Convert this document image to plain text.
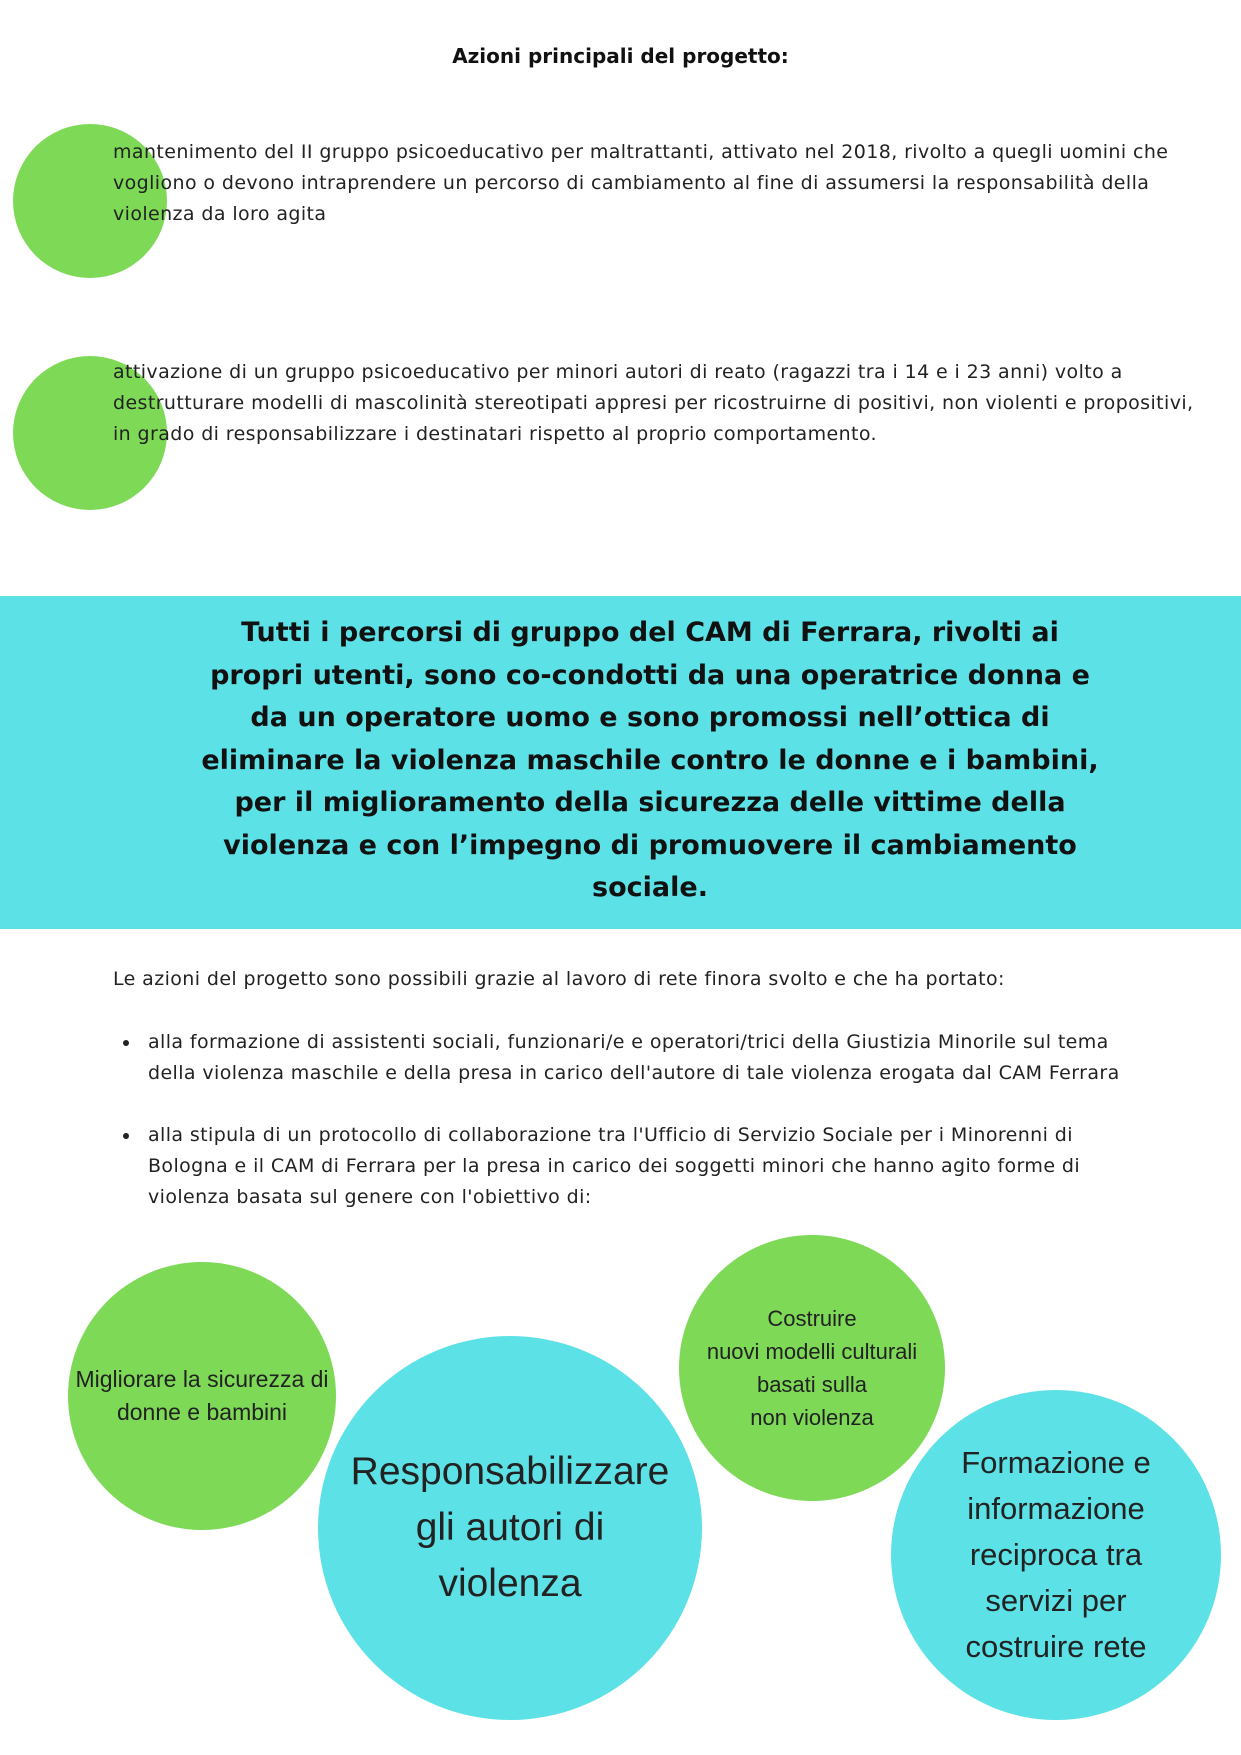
Azioni principali del progetto:
mantenimento del II gruppo psicoeducativo per maltrattanti, attivato nel 2018, rivolto a quegli uomini che vogliono o devono intraprendere un percorso di cambiamento al fine di assumersi la responsabilità della violenza da loro agita
attivazione di un gruppo psicoeducativo per minori autori di reato (ragazzi tra i 14 e i 23 anni) volto a destrutturare modelli di mascolinità stereotipati appresi per ricostruirne di positivi, non violenti e propositivi, in grado di responsabilizzare i destinatari rispetto al proprio comportamento.
Tutti i percorsi di gruppo del CAM di Ferrara, rivolti ai propri utenti, sono co-condotti da una operatrice donna e da un operatore uomo e sono promossi nell’ottica di eliminare la violenza maschile contro le donne e i bambini, per il miglioramento della sicurezza delle vittime della violenza e con l’impegno di promuovere il cambiamento sociale.
Le azioni del progetto sono possibili grazie al lavoro di rete finora svolto e che ha portato:
alla formazione di assistenti sociali, funzionari/e e operatori/trici della Giustizia Minorile sul tema della violenza maschile e della presa in carico dell'autore di tale violenza erogata dal CAM Ferrara
alla stipula di un protocollo di collaborazione tra l'Ufficio di Servizio Sociale per i Minorenni di Bologna e il CAM di Ferrara per la presa in carico dei soggetti minori che hanno agito forme di violenza basata sul genere con l'obiettivo di:
Migliorare la sicurezza di
donne e bambini
Responsabilizzare
gli autori di
violenza
Costruire
nuovi modelli culturali
basati sulla
non violenza
Formazione e
informazione
reciproca tra
servizi per
costruire rete
